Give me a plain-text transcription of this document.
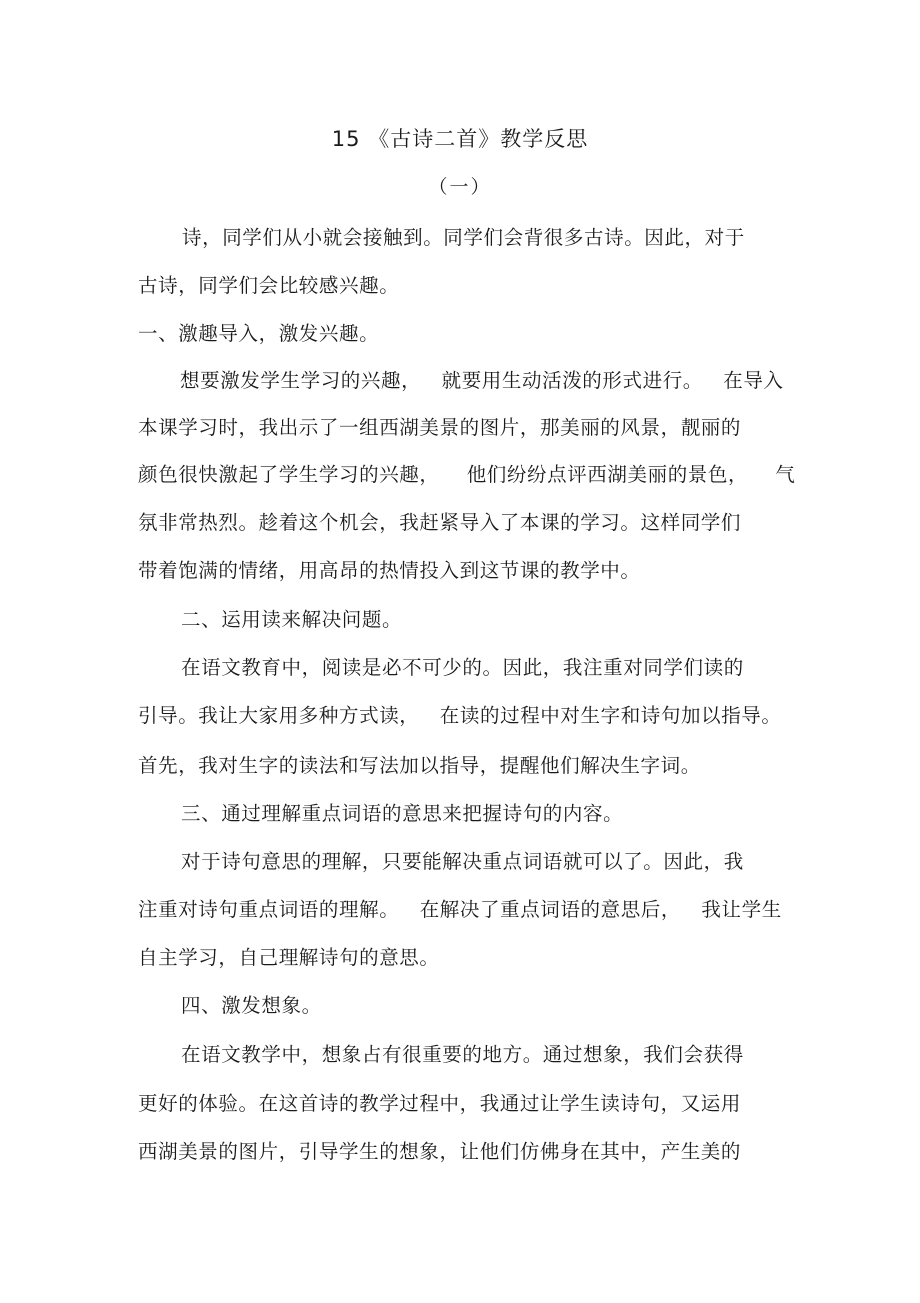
15 《古诗二首》教学反思
（一）
诗，同学们从小就会接触到。同学们会背很多古诗。因此，对于
古诗，同学们会比较感兴趣。
一、激趣导入，激发兴趣。
想要激发学生学习的兴趣，   就要用生动活泼的形式进行。   在导入
本课学习时，我出示了一组西湖美景的图片，那美丽的风景，靓丽的
颜色很快激起了学生学习的兴趣，    他们纷纷点评西湖美丽的景色，    气
氛非常热烈。趁着这个机会，我赶紧导入了本课的学习。这样同学们
带着饱满的情绪，用高昂的热情投入到这节课的教学中。
二、运用读来解决问题。
在语文教育中，阅读是必不可少的。因此，我注重对同学们读的
引导。我让大家用多种方式读，   在读的过程中对生字和诗句加以指导。
首先，我对生字的读法和写法加以指导，提醒他们解决生字词。
三、通过理解重点词语的意思来把握诗句的内容。
对于诗句意思的理解，只要能解决重点词语就可以了。因此，我
注重对诗句重点词语的理解。   在解决了重点词语的意思后，   我让学生
自主学习，自己理解诗句的意思。
四、激发想象。
在语文教学中，想象占有很重要的地方。通过想象，我们会获得
更好的体验。在这首诗的教学过程中，我通过让学生读诗句，又运用
西湖美景的图片，引导学生的想象，让他们仿佛身在其中，产生美的
